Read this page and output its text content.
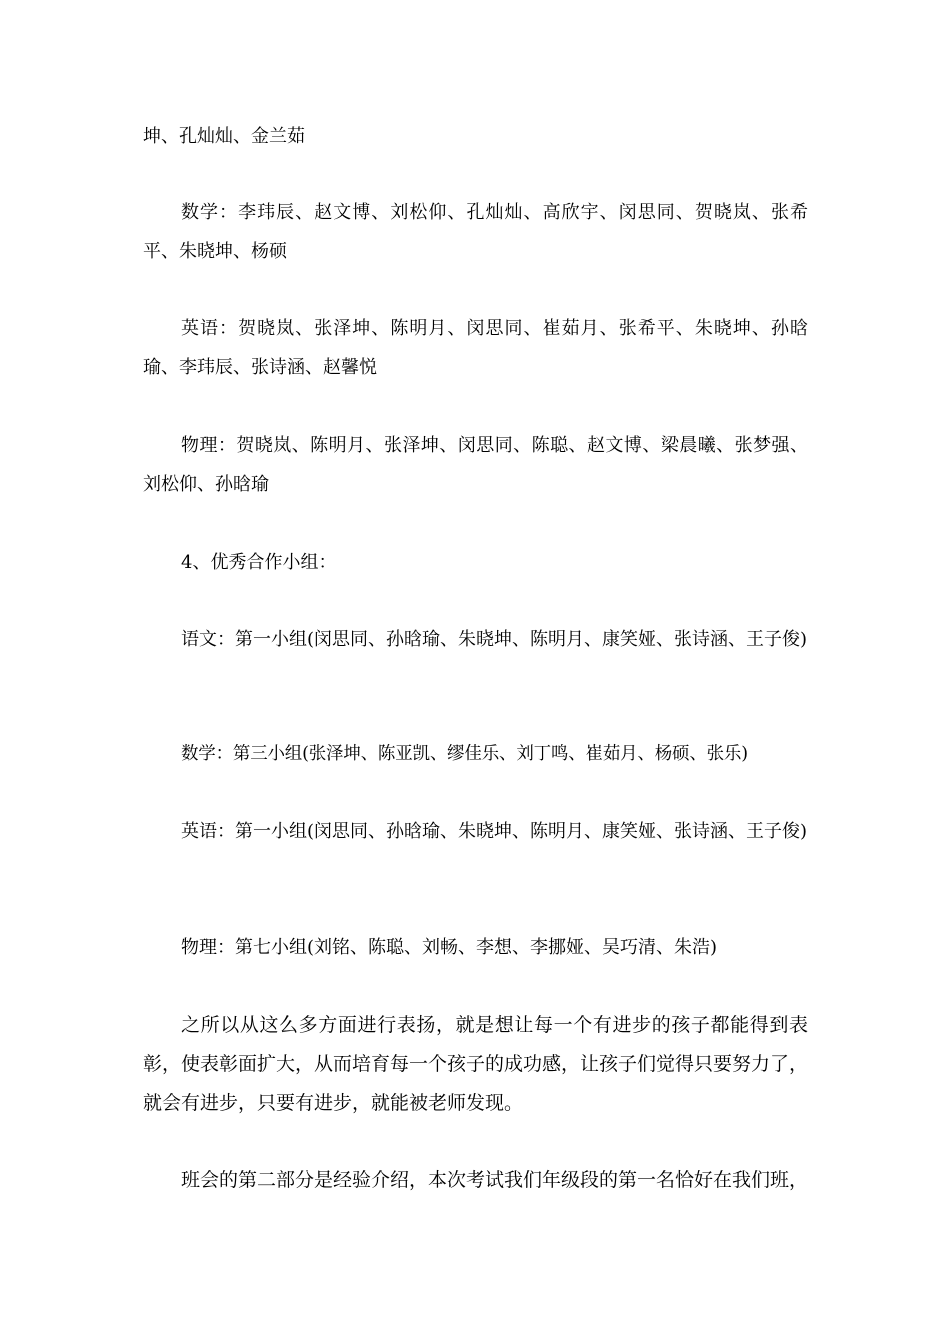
坤、孔灿灿、金兰茹

数学：李玮辰、赵文博、刘松仰、孔灿灿、高欣宇、闵思同、贺晓岚、张希平、朱晓坤、杨硕

英语：贺晓岚、张泽坤、陈明月、闵思同、崔茹月、张希平、朱晓坤、孙晗瑜、李玮辰、张诗涵、赵馨悦

物理：贺晓岚、陈明月、张泽坤、闵思同、陈聪、赵文博、梁晨曦、张梦强、刘松仰、孙晗瑜

4、优秀合作小组：

语文：第一小组(闵思同、孙晗瑜、朱晓坤、陈明月、康笑娅、张诗涵、王子俊)

数学：第三小组(张泽坤、陈亚凯、缪佳乐、刘丁鸣、崔茹月、杨硕、张乐)

英语：第一小组(闵思同、孙晗瑜、朱晓坤、陈明月、康笑娅、张诗涵、王子俊)

物理：第七小组(刘铭、陈聪、刘畅、李想、李挪娅、吴巧清、朱浩)

之所以从这么多方面进行表扬，就是想让每一个有进步的孩子都能得到表彰，使表彰面扩大，从而培育每一个孩子的成功感，让孩子们觉得只要努力了，就会有进步，只要有进步，就能被老师发现。

班会的第二部分是经验介绍，本次考试我们年级段的第一名恰好在我们班，
